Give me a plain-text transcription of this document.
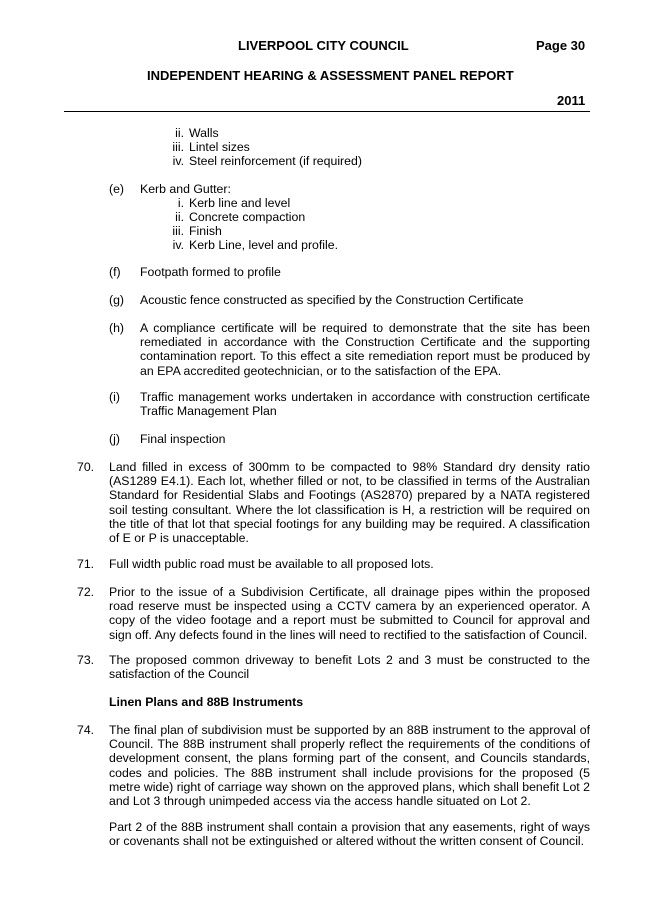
LIVERPOOL CITY COUNCIL	Page 30
INDEPENDENT HEARING & ASSESSMENT PANEL REPORT
2011
ii. Walls
iii. Lintel sizes
iv. Steel reinforcement (if required)
(e) Kerb and Gutter:
i. Kerb line and level
ii. Concrete compaction
iii. Finish
iv. Kerb Line, level and profile.
(f) Footpath formed to profile
(g) Acoustic fence constructed as specified by the Construction Certificate
(h) A compliance certificate will be required to demonstrate that the site has been remediated in accordance with the Construction Certificate and the supporting contamination report. To this effect a site remediation report must be produced by an EPA accredited geotechnician, or to the satisfaction of the EPA.
(i) Traffic management works undertaken in accordance with construction certificate Traffic Management Plan
(j) Final inspection
70. Land filled in excess of 300mm to be compacted to 98% Standard dry density ratio (AS1289 E4.1). Each lot, whether filled or not, to be classified in terms of the Australian Standard for Residential Slabs and Footings (AS2870) prepared by a NATA registered soil testing consultant. Where the lot classification is H, a restriction will be required on the title of that lot that special footings for any building may be required. A classification of E or P is unacceptable.
71. Full width public road must be available to all proposed lots.
72. Prior to the issue of a Subdivision Certificate, all drainage pipes within the proposed road reserve must be inspected using a CCTV camera by an experienced operator. A copy of the video footage and a report must be submitted to Council for approval and sign off. Any defects found in the lines will need to rectified to the satisfaction of Council.
73. The proposed common driveway to benefit Lots 2 and 3 must be constructed to the satisfaction of the Council
Linen Plans and 88B Instruments
74. The final plan of subdivision must be supported by an 88B instrument to the approval of Council. The 88B instrument shall properly reflect the requirements of the conditions of development consent, the plans forming part of the consent, and Councils standards, codes and policies. The 88B instrument shall include provisions for the proposed (5 metre wide) right of carriage way shown on the approved plans, which shall benefit Lot 2 and Lot 3 through unimpeded access via the access handle situated on Lot 2.
Part 2 of the 88B instrument shall contain a provision that any easements, right of ways or covenants shall not be extinguished or altered without the written consent of Council.
